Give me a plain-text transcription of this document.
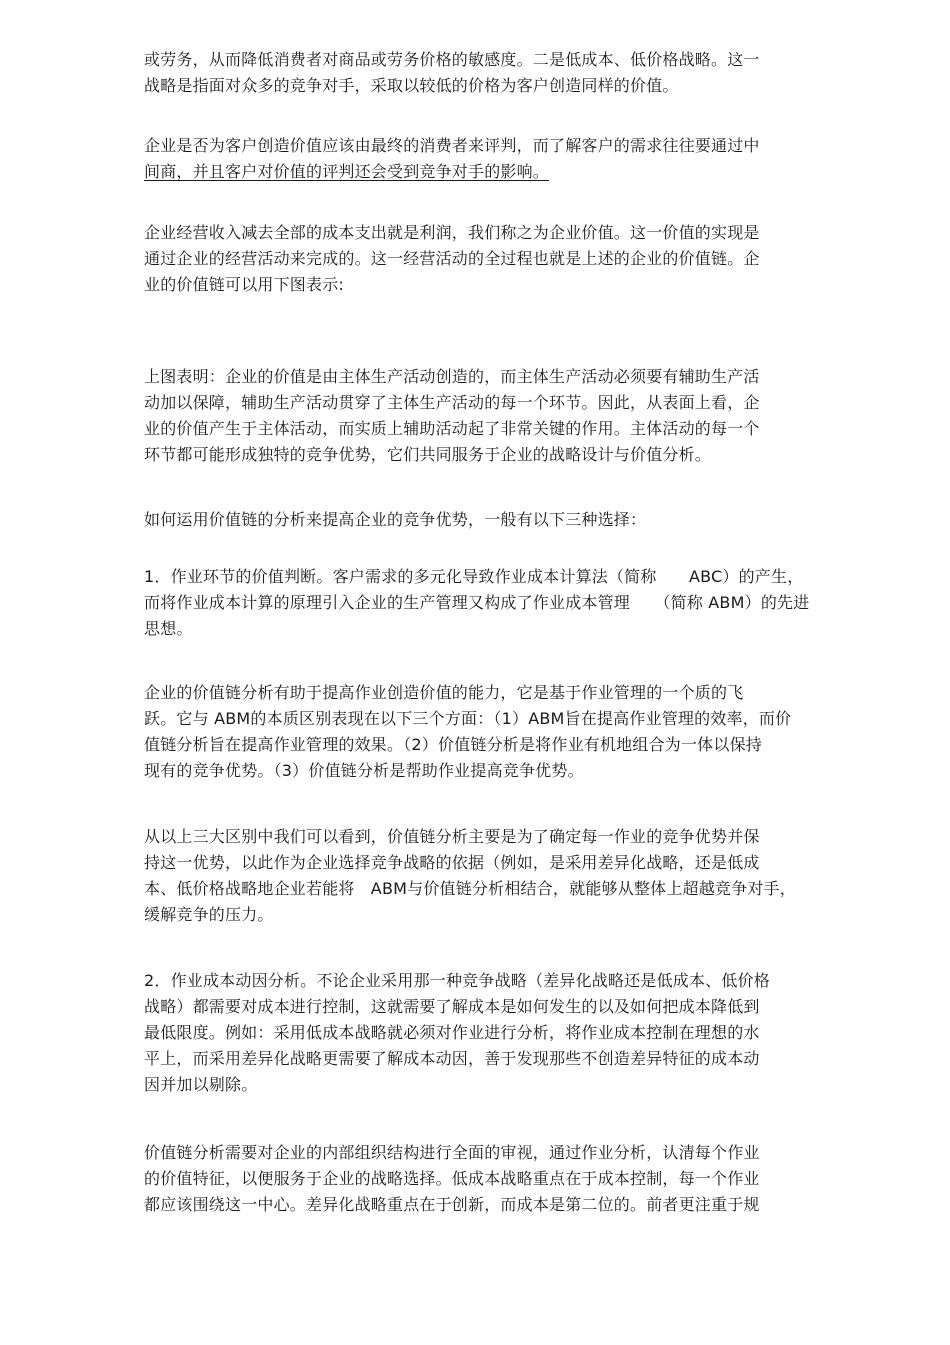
或劳务，从而降低消费者对商品或劳务价格的敏感度。二是低成本、低价格战略。这一
战略是指面对众多的竞争对手，采取以较低的价格为客户创造同样的价值。
企业是否为客户创造价值应该由最终的消费者来评判，而了解客户的需求往往要通过中
间商，并且客户对价值的评判还会受到竞争对手的影响。
企业经营收入减去全部的成本支出就是利润，我们称之为企业价值。这一价值的实现是
通过企业的经营活动来完成的。这一经营活动的全过程也就是上述的企业的价值链。企
业的价值链可以用下图表示:
上图表明：企业的价值是由主体生产活动创造的，而主体生产活动必须要有辅助生产活
动加以保障，辅助生产活动贯穿了主体生产活动的每一个环节。因此，从表面上看，企
业的价值产生于主体活动，而实质上辅助活动起了非常关键的作用。主体活动的每一个
环节都可能形成独特的竞争优势，它们共同服务于企业的战略设计与价值分析。
如何运用价值链的分析来提高企业的竞争优势，一般有以下三种选择：
1．作业环节的价值判断。客户需求的多元化导致作业成本计算法（简称　　ABC）的产生，
而将作业成本计算的原理引入企业的生产管理又构成了作业成本管理　　（简称 ABM）的先进
思想。
企业的价值链分析有助于提高作业创造价值的能力，它是基于作业管理的一个质的飞
跃。它与 ABM的本质区别表现在以下三个方面：（1）ABM旨在提高作业管理的效率，而价
值链分析旨在提高作业管理的效果。（2）价值链分析是将作业有机地组合为一体以保持
现有的竞争优势。（3）价值链分析是帮助作业提高竞争优势。
从以上三大区别中我们可以看到，价值链分析主要是为了确定每一作业的竞争优势并保
持这一优势，以此作为企业选择竞争战略的依据（例如，是采用差异化战略，还是低成
本、低价格战略地企业若能将　ABM与价值链分析相结合，就能够从整体上超越竞争对手，
缓解竞争的压力。
2．作业成本动因分析。不论企业采用那一种竞争战略（差异化战略还是低成本、低价格
战略）都需要对成本进行控制，这就需要了解成本是如何发生的以及如何把成本降低到
最低限度。例如：采用低成本战略就必须对作业进行分析，将作业成本控制在理想的水
平上，而采用差异化战略更需要了解成本动因，善于发现那些不创造差异特征的成本动
因并加以剔除。
价值链分析需要对企业的内部组织结构进行全面的审视，通过作业分析，认清每个作业
的价值特征，以便服务于企业的战略选择。低成本战略重点在于成本控制，每一个作业
都应该围绕这一中心。差异化战略重点在于创新，而成本是第二位的。前者更注重于规
